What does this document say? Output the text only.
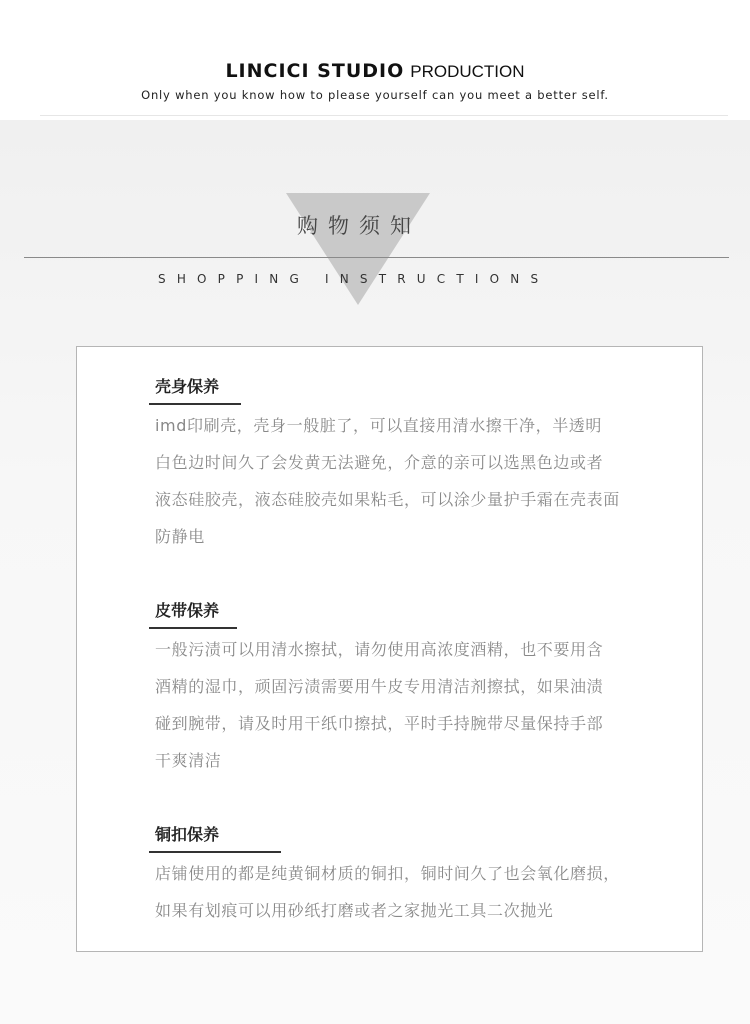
LINCICI STUDIO PRODUCTION
Only when you know how to please yourself can you meet a better self.
购物须知
SHOPPING INSTRUCTIONS
壳身保养
imd印刷壳，壳身一般脏了，可以直接用清水擦干净，半透明
白色边时间久了会发黄无法避免，介意的亲可以选黑色边或者
液态硅胶壳，液态硅胶壳如果粘毛，可以涂少量护手霜在壳表面
防静电
皮带保养
一般污渍可以用清水擦拭，请勿使用高浓度酒精，也不要用含
酒精的湿巾，顽固污渍需要用牛皮专用清洁剂擦拭，如果油渍
碰到腕带，请及时用干纸巾擦拭，平时手持腕带尽量保持手部
干爽清洁
铜扣保养
店铺使用的都是纯黄铜材质的铜扣，铜时间久了也会氧化磨损，
如果有划痕可以用砂纸打磨或者之家抛光工具二次抛光
